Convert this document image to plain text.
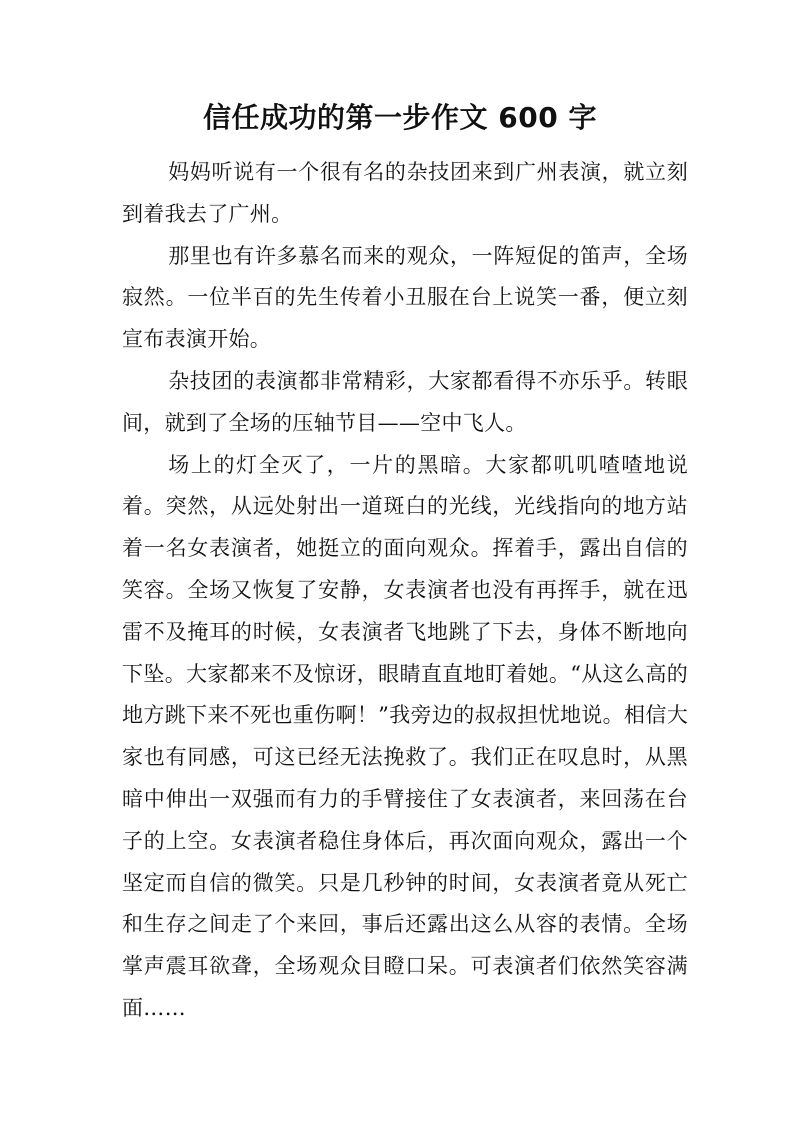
信任成功的第一步作文 600 字

妈妈听说有一个很有名的杂技团来到广州表演，就立刻到着我去了广州。

那里也有许多慕名而来的观众，一阵短促的笛声，全场寂然。一位半百的先生传着小丑服在台上说笑一番，便立刻宣布表演开始。

杂技团的表演都非常精彩，大家都看得不亦乐乎。转眼间，就到了全场的压轴节目——空中飞人。

场上的灯全灭了，一片的黑暗。大家都叽叽喳喳地说着。突然，从远处射出一道斑白的光线，光线指向的地方站着一名女表演者，她挺立的面向观众。挥着手，露出自信的笑容。全场又恢复了安静，女表演者也没有再挥手，就在迅雷不及掩耳的时候，女表演者飞地跳了下去，身体不断地向下坠。大家都来不及惊讶，眼睛直直地盯着她。“从这么高的地方跳下来不死也重伤啊！”我旁边的叔叔担忧地说。相信大家也有同感，可这已经无法挽救了。我们正在叹息时，从黑暗中伸出一双强而有力的手臂接住了女表演者，来回荡在台子的上空。女表演者稳住身体后，再次面向观众，露出一个坚定而自信的微笑。只是几秒钟的时间，女表演者竟从死亡和生存之间走了个来回，事后还露出这么从容的表情。全场掌声震耳欲聋，全场观众目瞪口呆。可表演者们依然笑容满面……
